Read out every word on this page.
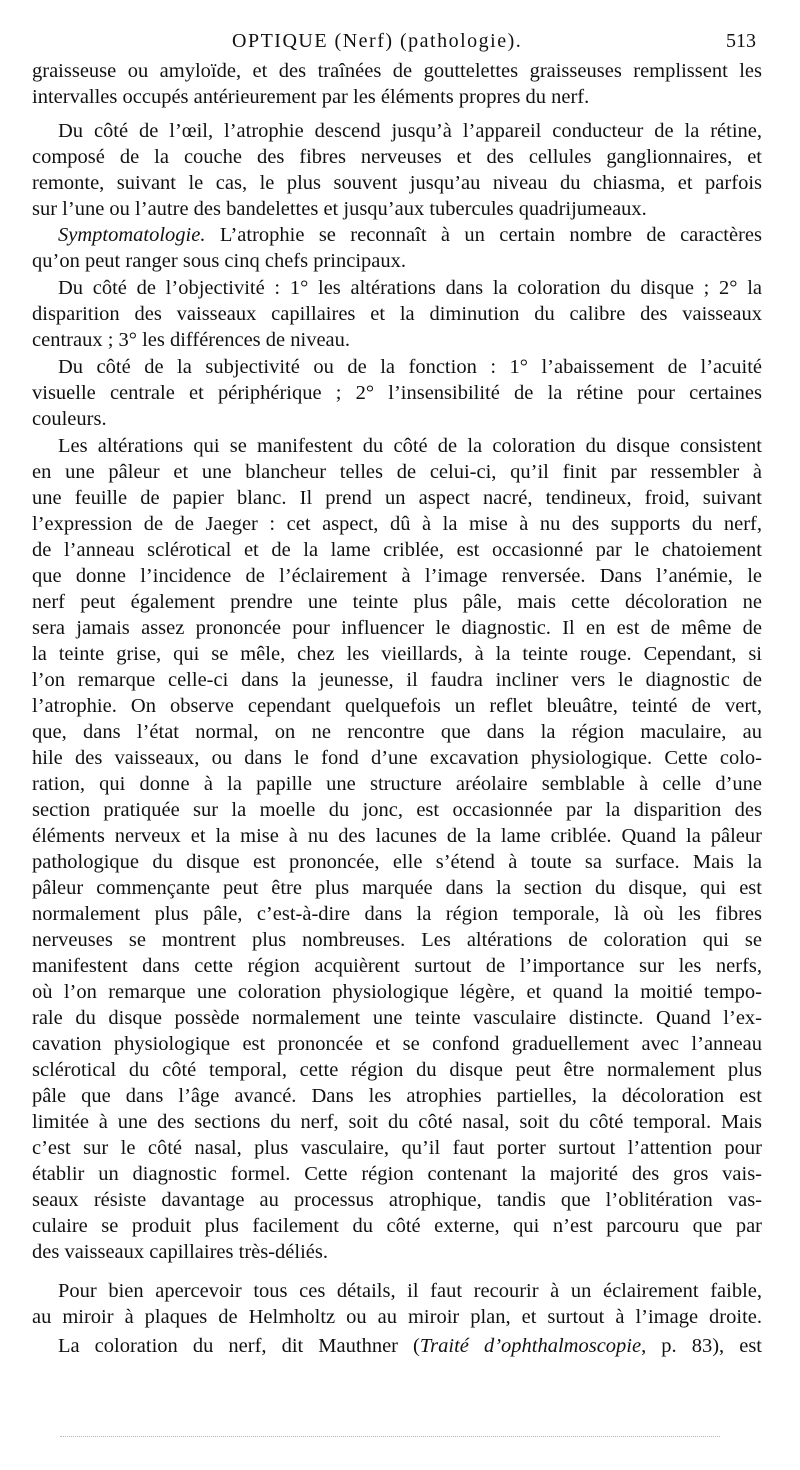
OPTIQUE (Nerf) (pathologie).	513
graisseuse ou amyloïde, et des traînées de gouttelettes graisseuses remplissent les
intervalles occupés antérieurement par les éléments propres du nerf.
Du côté de l’œil, l’atrophie descend jusqu’à l’appareil conducteur de la rétine,
composé de la couche des fibres nerveuses et des cellules ganglionnaires, et
remonte, suivant le cas, le plus souvent jusqu’au niveau du chiasma, et parfois
sur l’une ou l’autre des bandelettes et jusqu’aux tubercules quadrijumeaux.
Symptomatologie. L’atrophie se reconnaît à un certain nombre de caractères
qu’on peut ranger sous cinq chefs principaux.
Du côté de l’objectivité : 1° les altérations dans la coloration du disque ; 2° la
disparition des vaisseaux capillaires et la diminution du calibre des vaisseaux
centraux ; 3° les différences de niveau.
Du côté de la subjectivité ou de la fonction : 1° l’abaissement de l’acuité
visuelle centrale et périphérique ; 2° l’insensibilité de la rétine pour certaines
couleurs.
Les altérations qui se manifestent du côté de la coloration du disque consistent
en une pâleur et une blancheur telles de celui-ci, qu’il finit par ressembler à
une feuille de papier blanc. Il prend un aspect nacré, tendineux, froid, suivant
l’expression de de Jaeger : cet aspect, dû à la mise à nu des supports du nerf,
de l’anneau sclérotical et de la lame criblée, est occasionné par le chatoiement
que donne l’incidence de l’éclairement à l’image renversée. Dans l’anémie, le
nerf peut également prendre une teinte plus pâle, mais cette décoloration ne
sera jamais assez prononcée pour influencer le diagnostic. Il en est de même de
la teinte grise, qui se mêle, chez les vieillards, à la teinte rouge. Cependant, si
l’on remarque celle-ci dans la jeunesse, il faudra incliner vers le diagnostic de
l’atrophie. On observe cependant quelquefois un reflet bleuâtre, teinté de vert,
que, dans l’état normal, on ne rencontre que dans la région maculaire, au
hile des vaisseaux, ou dans le fond d’une excavation physiologique. Cette colo-
ration, qui donne à la papille une structure aréolaire semblable à celle d’une
section pratiquée sur la moelle du jonc, est occasionnée par la disparition des
éléments nerveux et la mise à nu des lacunes de la lame criblée. Quand la pâleur
pathologique du disque est prononcée, elle s’étend à toute sa surface. Mais la
pâleur commençante peut être plus marquée dans la section du disque, qui est
normalement plus pâle, c’est-à-dire dans la région temporale, là où les fibres
nerveuses se montrent plus nombreuses. Les altérations de coloration qui se
manifestent dans cette région acquièrent surtout de l’importance sur les nerfs,
où l’on remarque une coloration physiologique légère, et quand la moitié tempo-
rale du disque possède normalement une teinte vasculaire distincte. Quand l’ex-
cavation physiologique est prononcée et se confond graduellement avec l’anneau
sclérotical du côté temporal, cette région du disque peut être normalement plus
pâle que dans l’âge avancé. Dans les atrophies partielles, la décoloration est
limitée à une des sections du nerf, soit du côté nasal, soit du côté temporal. Mais
c’est sur le côté nasal, plus vasculaire, qu’il faut porter surtout l’attention pour
établir un diagnostic formel. Cette région contenant la majorité des gros vais-
seaux résiste davantage au processus atrophique, tandis que l’oblitération vas-
culaire se produit plus facilement du côté externe, qui n’est parcouru que par
des vaisseaux capillaires très-déliés.
Pour bien apercevoir tous ces détails, il faut recourir à un éclairement faible,
au miroir à plaques de Helmholtz ou au miroir plan, et surtout à l’image droite.
La coloration du nerf, dit Mauthner (Traité d’ophthalmoscopie, p. 83), est
